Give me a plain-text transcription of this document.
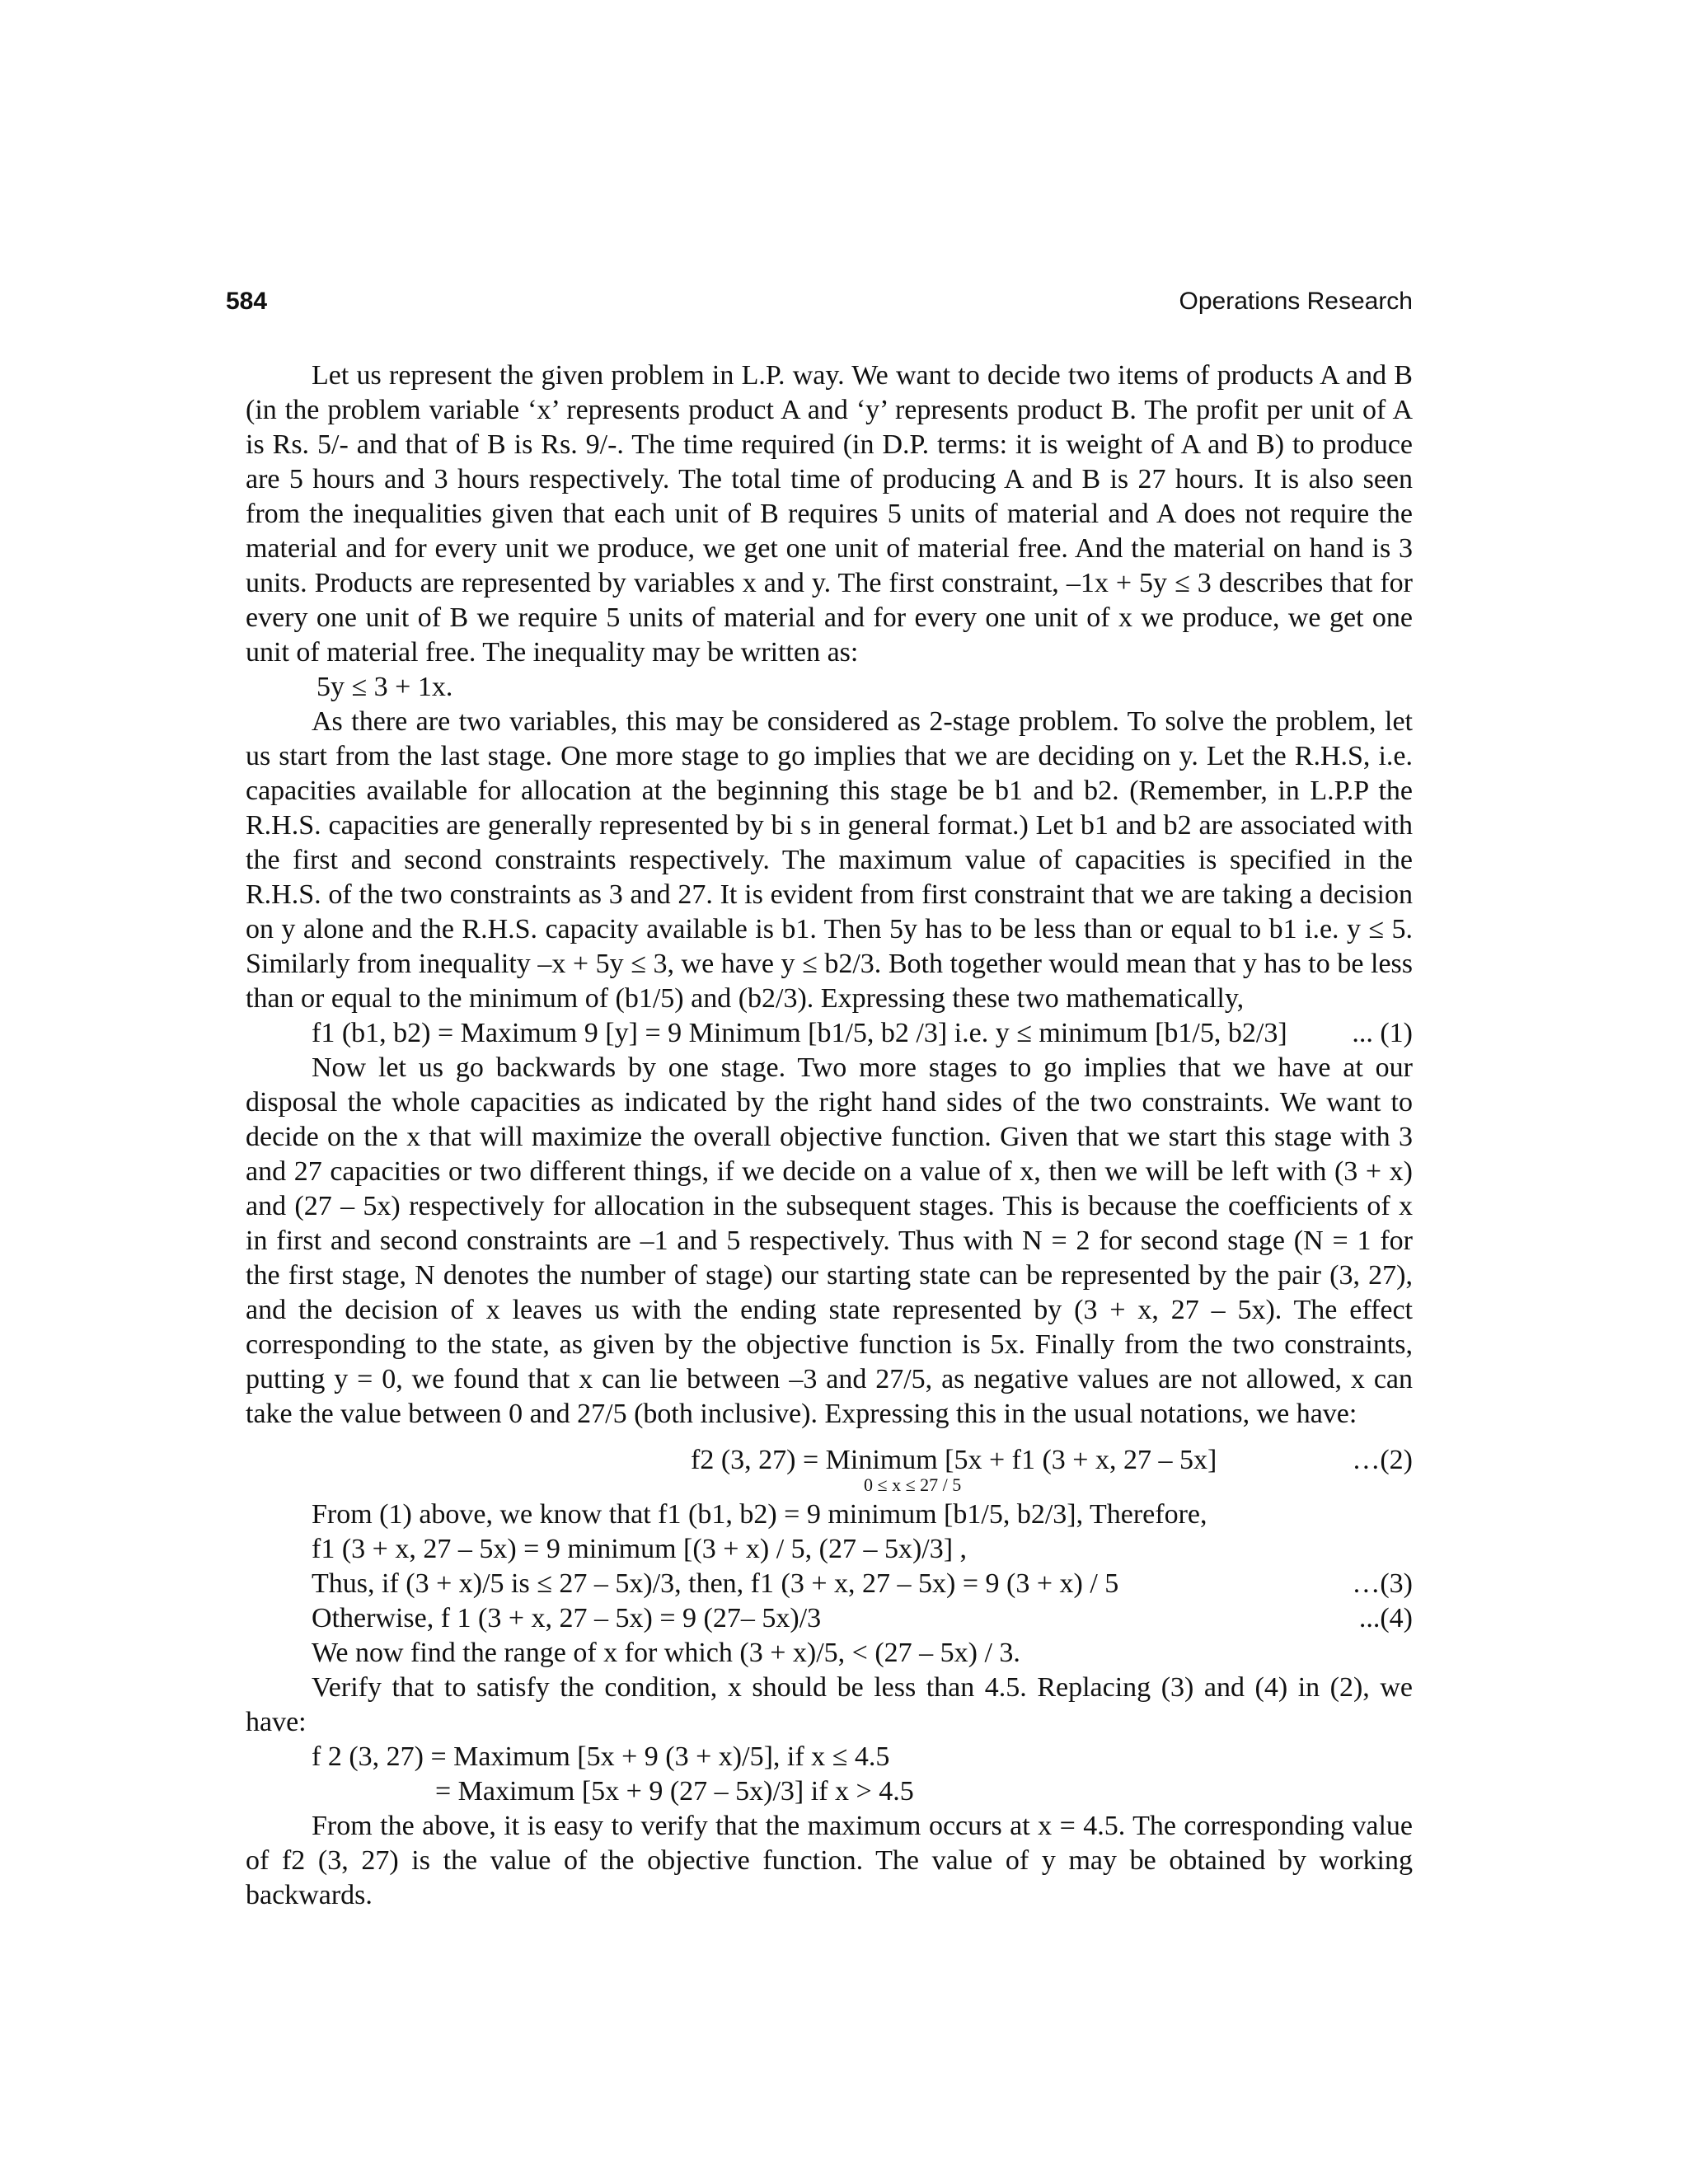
584	Operations Research

Let us represent the given problem in L.P. way. We want to decide two items of products A and B (in the problem variable ‘x’ represents product A and ‘y’ represents product B. The profit per unit of A is Rs. 5/- and that of B is Rs. 9/-. The time required (in D.P. terms: it is weight of A and B) to produce are 5 hours and 3 hours respectively. The total time of producing A and B is 27 hours. It is also seen from the inequalities given that each unit of B requires 5 units of material and A does not require the material and for every unit we produce, we get one unit of material free. And the material on hand is 3 units. Products are represented by variables x and y. The first constraint, –1x + 5y ≤ 3 describes that for every one unit of B we require 5 units of material and for every one unit of x we produce, we get one unit of material free. The inequality may be written as:

5y ≤ 3 + 1x.

As there are two variables, this may be considered as 2-stage problem. To solve the problem, let us start from the last stage. One more stage to go implies that we are deciding on y. Let the R.H.S, i.e. capacities available for allocation at the beginning this stage be b1 and b2. (Remember, in L.P.P the R.H.S. capacities are generally represented by bi s in general format.) Let b1 and b2 are associated with the first and second constraints respectively. The maximum value of capacities is specified in the R.H.S. of the two constraints as 3 and 27. It is evident from first constraint that we are taking a decision on y alone and the R.H.S. capacity available is b1. Then 5y has to be less than or equal to b1 i.e. y ≤ 5. Similarly from inequality –x + 5y ≤ 3, we have y ≤ b2/3. Both together would mean that y has to be less than or equal to the minimum of (b1/5) and (b2/3). Expressing these two mathematically,

f1 (b1, b2) = Maximum 9 [y] = 9 Minimum [b1/5, b2 /3] i.e. y ≤ minimum [b1/5, b2/3] ... (1)

Now let us go backwards by one stage. Two more stages to go implies that we have at our disposal the whole capacities as indicated by the right hand sides of the two constraints. We want to decide on the x that will maximize the overall objective function. Given that we start this stage with 3 and 27 capacities or two different things, if we decide on a value of x, then we will be left with (3 + x) and (27 – 5x) respectively for allocation in the subsequent stages. This is because the coefficients of x in first and second constraints are –1 and 5 respectively. Thus with N = 2 for second stage (N = 1 for the first stage, N denotes the number of stage) our starting state can be represented by the pair (3, 27), and the decision of x leaves us with the ending state represented by (3 + x, 27 – 5x). The effect corresponding to the state, as given by the objective function is 5x. Finally from the two constraints, putting y = 0, we found that x can lie between –3 and 27/5, as negative values are not allowed, x can take the value between 0 and 27/5 (both inclusive). Expressing this in the usual notations, we have:

f2 (3, 27) = Minimum [5x + f1 (3 + x, 27 – 5x]	…(2)
0 ≤ x ≤ 27 / 5
From (1) above, we know that f1 (b1, b2) = 9 minimum [b1/5, b2/3], Therefore,
f1 (3 + x, 27 – 5x) = 9 minimum [(3 + x) / 5, (27 – 5x)/3] ,
Thus, if (3 + x)/5 is ≤ 27 – 5x)/3, then, f1 (3 + x, 27 – 5x) = 9 (3 + x) / 5	…(3)
Otherwise, f 1 (3 + x, 27 – 5x) = 9 (27– 5x)/3	...(4)
We now find the range of x for which (3 + x)/5, < (27 – 5x) / 3.

Verify that to satisfy the condition, x should be less than 4.5. Replacing (3) and (4) in (2), we have:

f 2 (3, 27) = Maximum [5x + 9 (3 + x)/5], if x ≤ 4.5
= Maximum [5x + 9 (27 – 5x)/3] if x > 4.5

From the above, it is easy to verify that the maximum occurs at x = 4.5. The corresponding value of f2 (3, 27) is the value of the objective function. The value of y may be obtained by working backwards.
